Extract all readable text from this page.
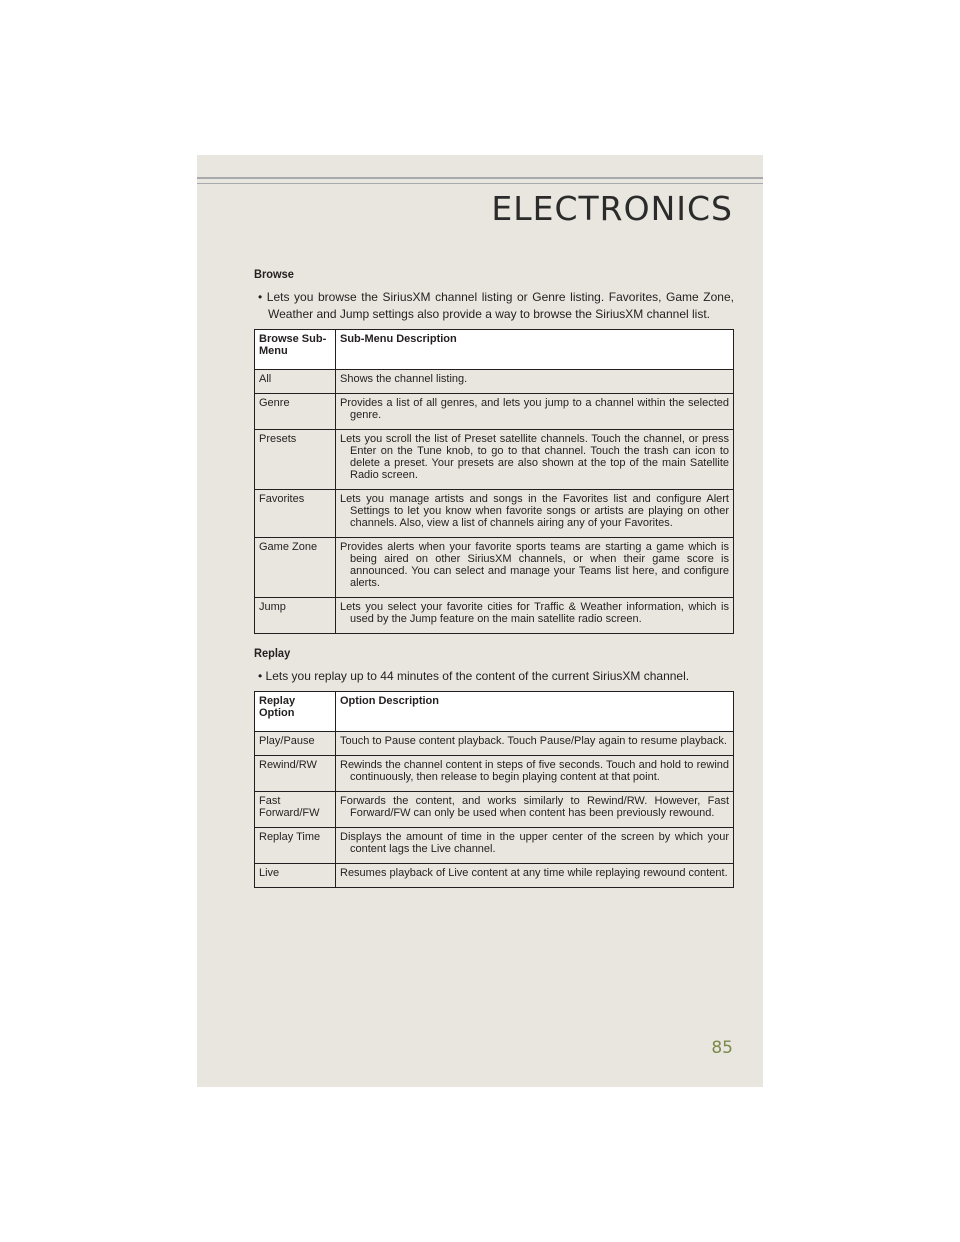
ELECTRONICS
Browse

• Lets you browse the SiriusXM channel listing or Genre listing. Favorites, Game Zone, Weather and Jump settings also provide a way to browse the SiriusXM channel list.

Browse Sub-Menu	Sub-Menu Description
All	Shows the channel listing.
Genre	Provides a list of all genres, and lets you jump to a channel within the selected genre.
Presets	Lets you scroll the list of Preset satellite channels. Touch the channel, or press Enter on the Tune knob, to go to that channel. Touch the trash can icon to delete a preset. Your presets are also shown at the top of the main Satellite Radio screen.
Favorites	Lets you manage artists and songs in the Favorites list and configure Alert Settings to let you know when favorite songs or artists are playing on other channels. Also, view a list of channels airing any of your Favorites.
Game Zone	Provides alerts when your favorite sports teams are starting a game which is being aired on other SiriusXM channels, or when their game score is announced. You can select and manage your Teams list here, and configure alerts.
Jump	Lets you select your favorite cities for Traffic & Weather information, which is used by the Jump feature on the main satellite radio screen.
Replay

• Lets you replay up to 44 minutes of the content of the current SiriusXM channel.

Replay Option	Option Description
Play/Pause	Touch to Pause content playback. Touch Pause/Play again to resume playback.
Rewind/RW	Rewinds the channel content in steps of five seconds. Touch and hold to rewind continuously, then release to begin playing content at that point.
Fast Forward/FW	Forwards the content, and works similarly to Rewind/RW. However, Fast Forward/FW can only be used when content has been previously rewound.
Replay Time	Displays the amount of time in the upper center of the screen by which your content lags the Live channel.
Live	Resumes playback of Live content at any time while replaying rewound content.
85
